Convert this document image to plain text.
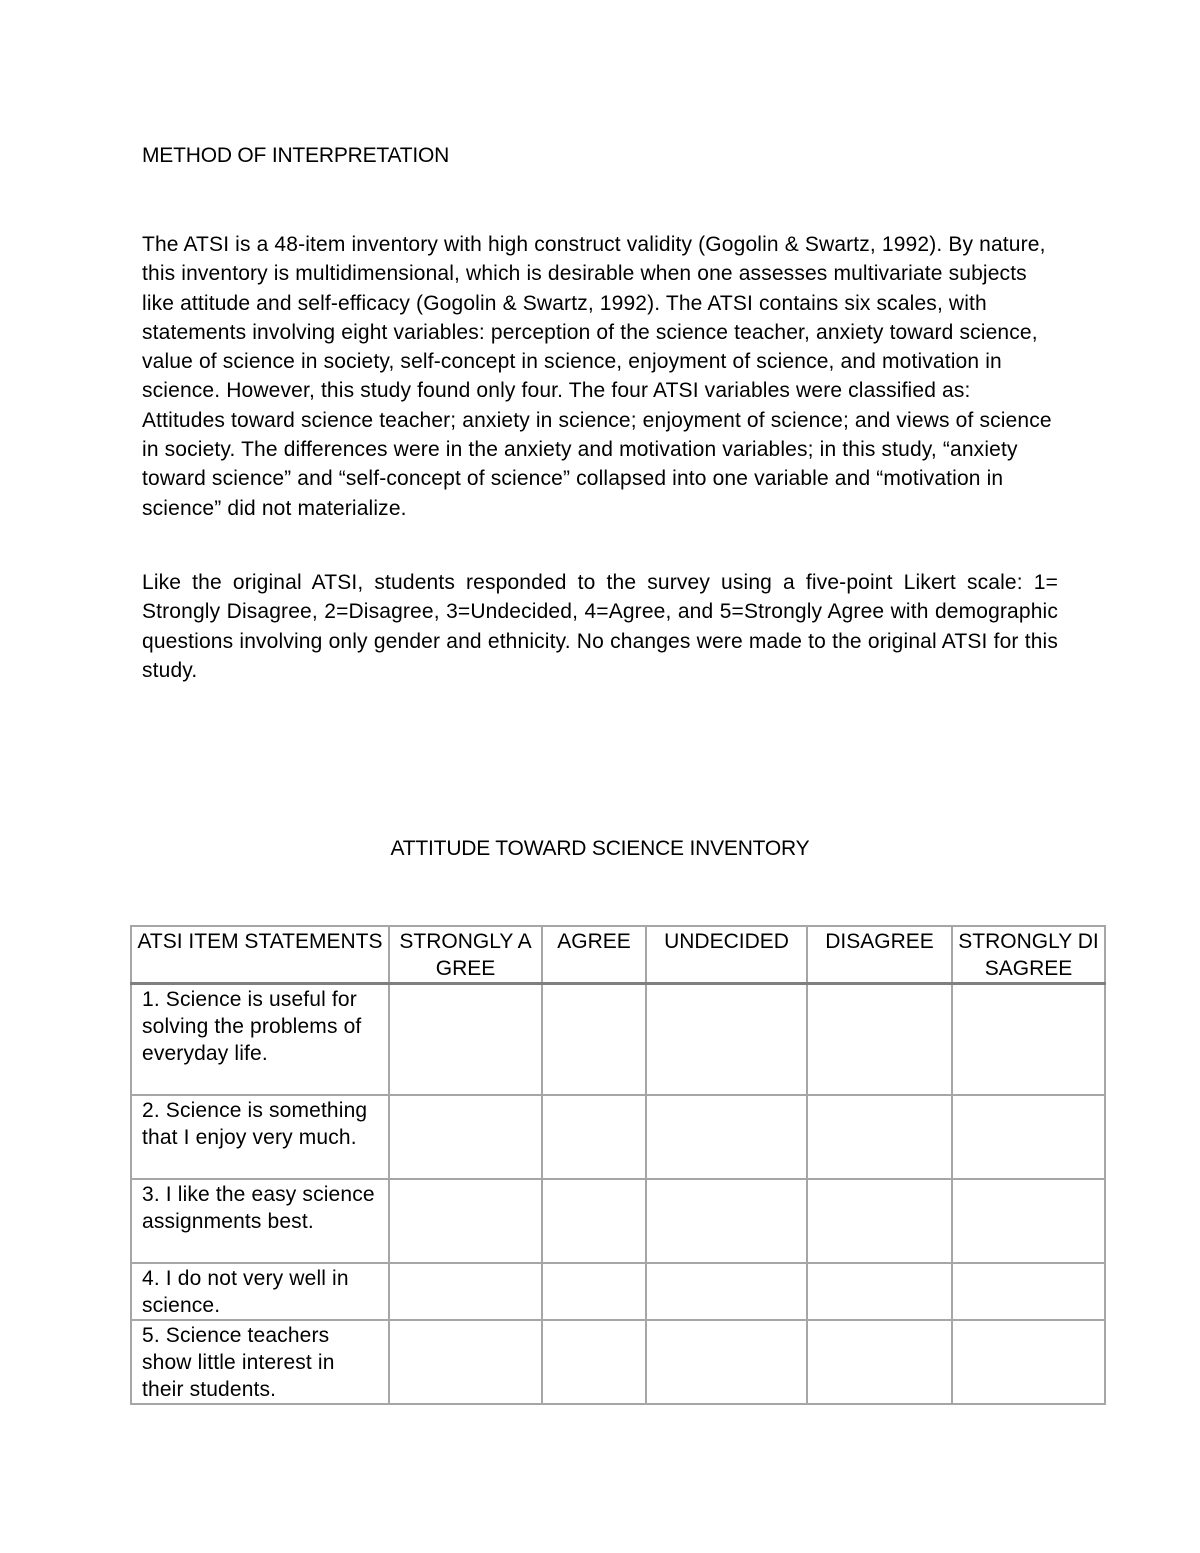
METHOD OF INTERPRETATION

The ATSI is a 48-item inventory with high construct validity (Gogolin & Swartz, 1992). By nature, this inventory is multidimensional, which is desirable when one assesses multivariate subjects like attitude and self-efficacy (Gogolin & Swartz, 1992). The ATSI contains six scales, with statements involving eight variables: perception of the science teacher, anxiety toward science, value of science in society, self-concept in science, enjoyment of science, and motivation in science. However, this study found only four. The four ATSI variables were classified as: Attitudes toward science teacher; anxiety in science; enjoyment of science; and views of science in society. The differences were in the anxiety and motivation variables; in this study, “anxiety toward science” and “self-concept of science” collapsed into one variable and “motivation in science” did not materialize.

Like the original ATSI, students responded to the survey using a five-point Likert scale: 1= Strongly Disagree, 2=Disagree, 3=Undecided, 4=Agree, and 5=Strongly Agree with demographic questions involving only gender and ethnicity. No changes were made to the original ATSI for this study.

ATTITUDE TOWARD SCIENCE INVENTORY
ATSI ITEM STATEMENTS	STRONGLY AGREE	AGREE	UNDECIDED	DISAGREE	STRONGLY DISAGREE
1. Science is useful for solving the problems of everyday life.					
2. Science is something that I enjoy very much.					
3. I like the easy science assignments best.					
4. I do not very well in science.					
5. Science teachers show little interest in their students.					
